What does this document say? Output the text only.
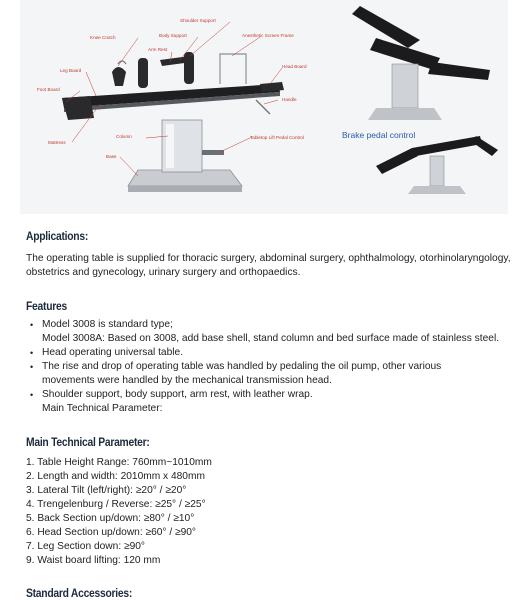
Shoulder Support
Body Support	Anesthetic Screen Frame
Knee Crutch
Arm Rest
Head Board
Leg Board
Foot Board
Handle
Mattress
Column	Tabletop Lift Pedal Control
Base
Brake pedal control
Applications:
The operating table is supplied for thoracic surgery, abdominal surgery, ophthalmology, otorhinolaryngology, obstetrics and gynecology, urinary surgery and orthopaedics.
Features
• Model 3008 is standard type;
Model 3008A: Based on 3008, add base shell, stand column and bed surface made of stainless steel.
• Head operating universal table.
• The rise and drop of operating table was handled by pedaling the oil pump, other various
movements were handled by the mechanical transmission head.
• Shoulder support, body support, arm rest, with leather wrap.
Main Technical Parameter:
Main Technical Parameter:
1. Table Height Range: 760mm~1010mm
2. Length and width: 2010mm x 480mm
3. Lateral Tilt (left/right): ≥20° / ≥20°
4. Trengelenburg / Reverse: ≥25° / ≥25°
5. Back Section up/down: ≥80° / ≥10°
6. Head Section up/down: ≥60° / ≥90°
7. Leg Section down: ≥90°
9. Waist board lifting: 120 mm
Standard Accessories:
